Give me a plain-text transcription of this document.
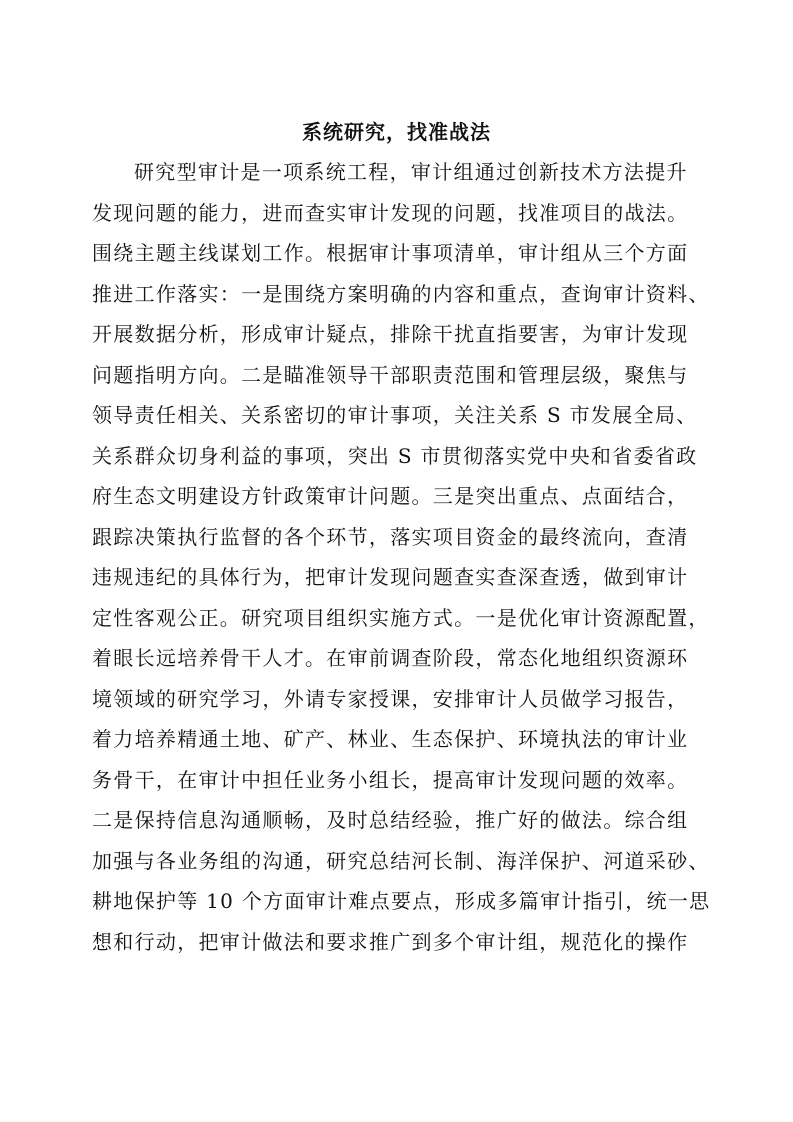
系统研究，找准战法
研究型审计是一项系统工程，审计组通过创新技术方法提升
发现问题的能力，进而查实审计发现的问题，找准项目的战法。
围绕主题主线谋划工作。根据审计事项清单，审计组从三个方面
推进工作落实：一是围绕方案明确的内容和重点，查询审计资料、
开展数据分析，形成审计疑点，排除干扰直指要害，为审计发现
问题指明方向。二是瞄准领导干部职责范围和管理层级，聚焦与
领导责任相关、关系密切的审计事项，关注关系 S 市发展全局、
关系群众切身利益的事项，突出 S 市贯彻落实党中央和省委省政
府生态文明建设方针政策审计问题。三是突出重点、点面结合，
跟踪决策执行监督的各个环节，落实项目资金的最终流向，查清
违规违纪的具体行为，把审计发现问题查实查深查透，做到审计
定性客观公正。研究项目组织实施方式。一是优化审计资源配置，
着眼长远培养骨干人才。在审前调查阶段，常态化地组织资源环
境领域的研究学习，外请专家授课，安排审计人员做学习报告，
着力培养精通土地、矿产、林业、生态保护、环境执法的审计业
务骨干，在审计中担任业务小组长，提高审计发现问题的效率。
二是保持信息沟通顺畅，及时总结经验，推广好的做法。综合组
加强与各业务组的沟通，研究总结河长制、海洋保护、河道采砂、
耕地保护等 10 个方面审计难点要点，形成多篇审计指引，统一思
想和行动，把审计做法和要求推广到多个审计组，规范化的操作
